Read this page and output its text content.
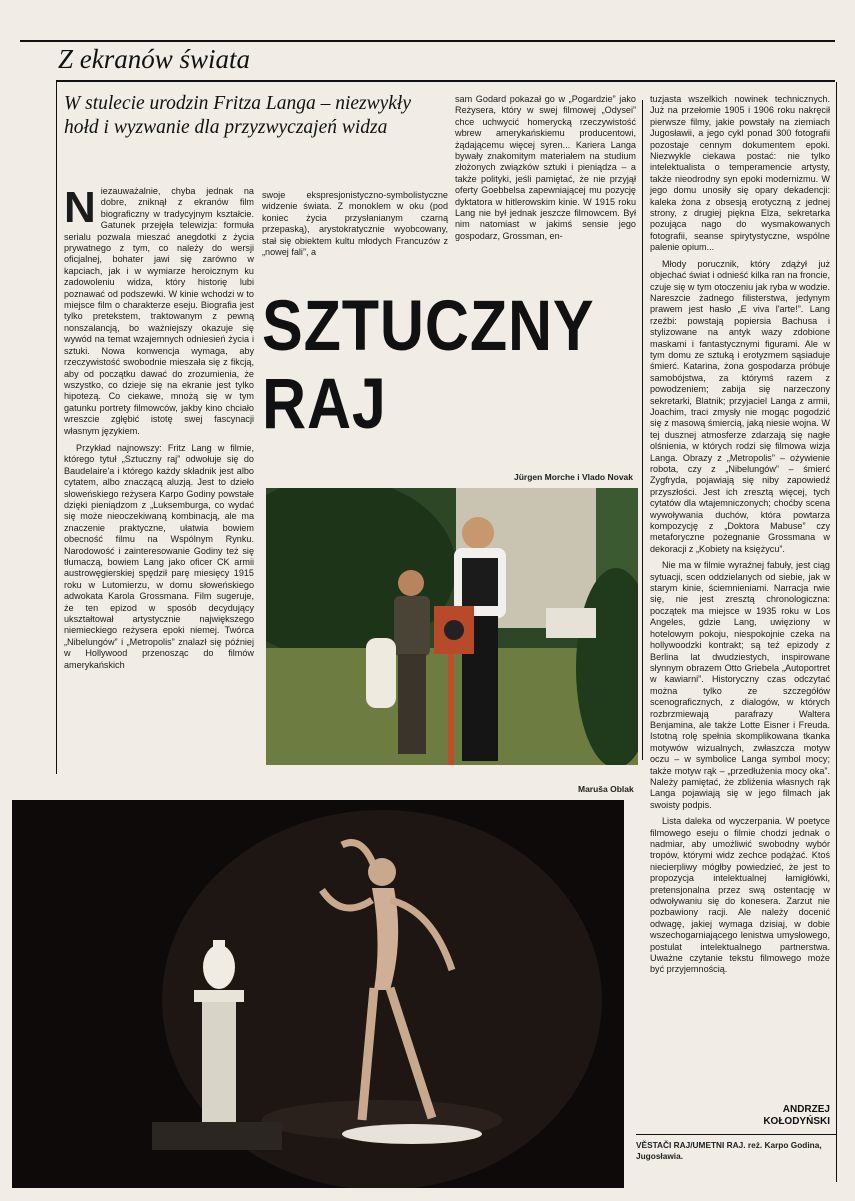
Z ekranów świata
W stulecie urodzin Fritza Langa – niezwykły hołd i wyzwanie dla przyzwyczajeń widza

Niezauważalnie, chyba jednak na dobre, zniknął z ekranów film biograficzny w tradycyjnym kształcie. Gatunek przejęła telewizja: formuła serialu pozwala mieszać anegdotki z życia prywatnego z tym, co należy do wersji oficjalnej, bohater jawi się zarówno w kapciach, jak i w wymiarze heroicznym ku zadowoleniu widza, który historię lubi poznawać od podszewki. W kinie wchodzi w to miejsce film o charakterze eseju. Biografia jest tylko pretekstem, traktowanym z pewną nonszalancją, bo ważniejszy okazuje się wywód na temat wzajemnych odniesień życia i sztuki. Nowa konwencja wymaga, aby rzeczywistość swobodnie mieszała się z fikcją, aby od początku dawać do zrozumienia, że wszystko, co dzieje się na ekranie jest tylko hipotezą. Co ciekawe, mnożą się w tym gatunku portrety filmowców, jakby kino chciało wreszcie zgłębić istotę swej fascynacji własnym językiem.

Przykład najnowszy: Fritz Lang w filmie, którego tytuł „Sztuczny raj” odwołuje się do Baudelaire'a i którego każdy składnik jest albo cytatem, albo znaczącą aluzją. Jest to dzieło słoweńskiego reżysera Karpo Godiny powstałe dzięki pieniądzom z „Luksemburga, co wydać się może nieoczekiwaną kombinacją, ale ma znaczenie praktyczne, ułatwia bowiem obecność filmu na Wspólnym Rynku. Narodowość i zainteresowanie Godiny też się tłumaczą, bowiem Lang jako oficer CK armii austrowęgierskiej spędził parę miesięcy 1915 roku w Lutomierzu, w domu słoweńskiego adwokata Karola Grossmana. Film sugeruje, że ten epizod w sposób decydujący ukształtował artystycznie największego niemieckiego reżysera epoki niemej. Twórca „Nibelungów” i „Metropolis” znalazł się później w Hollywood przenosząc do filmów amerykańskich

swoje ekspresjonistyczno-symbolistyczne widzenie świata. Z monoklem w oku (pod koniec życia przysłanianym czarną przepaską), arystokratycznie wyobcowany, stał się obiektem kultu młodych Francuzów z „nowej fali”, a

sam Godard pokazał go w „Pogardzie” jako Reżysera, który w swej filmowej „Odysei” chce uchwycić homerycką rzeczywistość wbrew amerykańskiemu producentowi, żądającemu więcej syren... Kariera Langa bywały znakomitym materiałem na studium złożonych związków sztuki i pieniądza – a także polityki, jeśli pamiętać, że nie przyjął oferty Goebbelsa zapewniającej mu pozycję dyktatora w hitlerowskim kinie. W 1915 roku Lang nie był jednak jeszcze filmowcem. Był nim natomiast w jakimś sensie jego gospodarz, Grossman, en-

SZTUCZNY
RAJ
Jürgen Morche i Vlado Novak
Maruša Oblak

tuzjasta wszelkich nowinek technicznych. Już na przełomie 1905 i 1906 roku nakręcił pierwsze filmy, jakie powstały na ziemiach Jugosławii, a jego cykl ponad 300 fotografii pozostaje cennym dokumentem epoki. Niezwykle ciekawa postać: nie tylko intelektualista o temperamencie artysty, także nieodrodny syn epoki modernizmu. W jego domu unosiły się opary dekadencji: kaleka żona z obsesją erotyczną z jednej strony, z drugiej piękna Elza, sekretarka pozująca nago do wysmakowanych fotografii, seanse spirytystyczne, wspólne palenie opium...

Młody porucznik, który zdążył już objechać świat i odnieść kilka ran na froncie, czuje się w tym otoczeniu jak ryba w wodzie. Nareszcie żadnego filisterstwa, jedynym prawem jest hasło „E viva l'arte!”. Lang rzeźbi: powstają popiersia Bachusa i stylizowane na antyk wazy zdobione maskami i fantastycznymi figurami. Ale w tym domu ze sztuką i erotyzmem sąsiaduje śmierć. Katarina, żona gospodarza próbuje samobójstwa, za którymś razem z powodzeniem; zabija się narzeczony sekretarki, Blatnik; przyjaciel Langa z armii, Joachim, traci zmysły nie mogąc pogodzić się z masową śmiercią, jaką niesie wojna. W tej dusznej atmosferze zdarzają się nagłe olśnienia, w których rodzi się filmowa wizja Langa. Obrazy z „Metropolis” – ożywienie robota, czy z „Nibelungów” – śmierć Zygfryda, pojawiają się niby zapowiedź przyszłości. Jest ich zresztą więcej, tych cytatów dla wtajemniczonych; choćby scena wywoływania duchów, która powtarza kompozycję z „Doktora Mabuse” czy metaforyczne pożegnanie Grossmana w dekoracji z „Kobiety na księżycu”.

Nie ma w filmie wyraźnej fabuły, jest ciąg sytuacji, scen oddzielanych od siebie, jak w starym kinie, ściemnieniami. Narracja rwie się, nie jest zresztą chronologiczna: początek ma miejsce w 1935 roku w Los Angeles, gdzie Lang, uwięziony w hotelowym pokoju, niespokojnie czeka na hollywoodzki kontrakt; są też epizody z Berlina lat dwudziestych, inspirowane słynnym obrazem Otto Griebela „Autoportret w kawiarni”. Historyczny czas odczytać można tylko ze szczegółów scenograficznych, z dialogów, w których rozbrzmiewają parafrazy Waltera Benjamina, ale także Lotte Eisner i Freuda. Istotną rolę spełnia skomplikowana tkanka motywów wizualnych, zwłaszcza motyw oczu – w symbolice Langa symbol mocy; także motyw rąk – „przedłużenia mocy oka”. Należy pamiętać, że zbliżenia własnych rąk Langa pojawiają się w jego filmach jak swoisty podpis.

Lista daleka od wyczerpania. W poetyce filmowego eseju o filmie chodzi jednak o nadmiar, aby umożliwić swobodny wybór tropów, którymi widz zechce podążać. Ktoś niecierpliwy mógłby powiedzieć, że jest to propozycja intelektualnej łamigłówki, pretensjonalna przez swą ostentację w odwoływaniu się do konesera. Zarzut nie pozbawiony racji. Ale należy docenić odwagę, jakiej wymaga dzisiaj, w dobie wszechogarniającego lenistwa umysłowego, postulat intelektualnego partnerstwa. Uważne czytanie tekstu filmowego może być przyjemnością.

ANDRZEJ
KOŁODYŃSKI
VĚSTAČI RAJ/UMETNI RAJ. reż. Karpo Godina, Jugosławia.
